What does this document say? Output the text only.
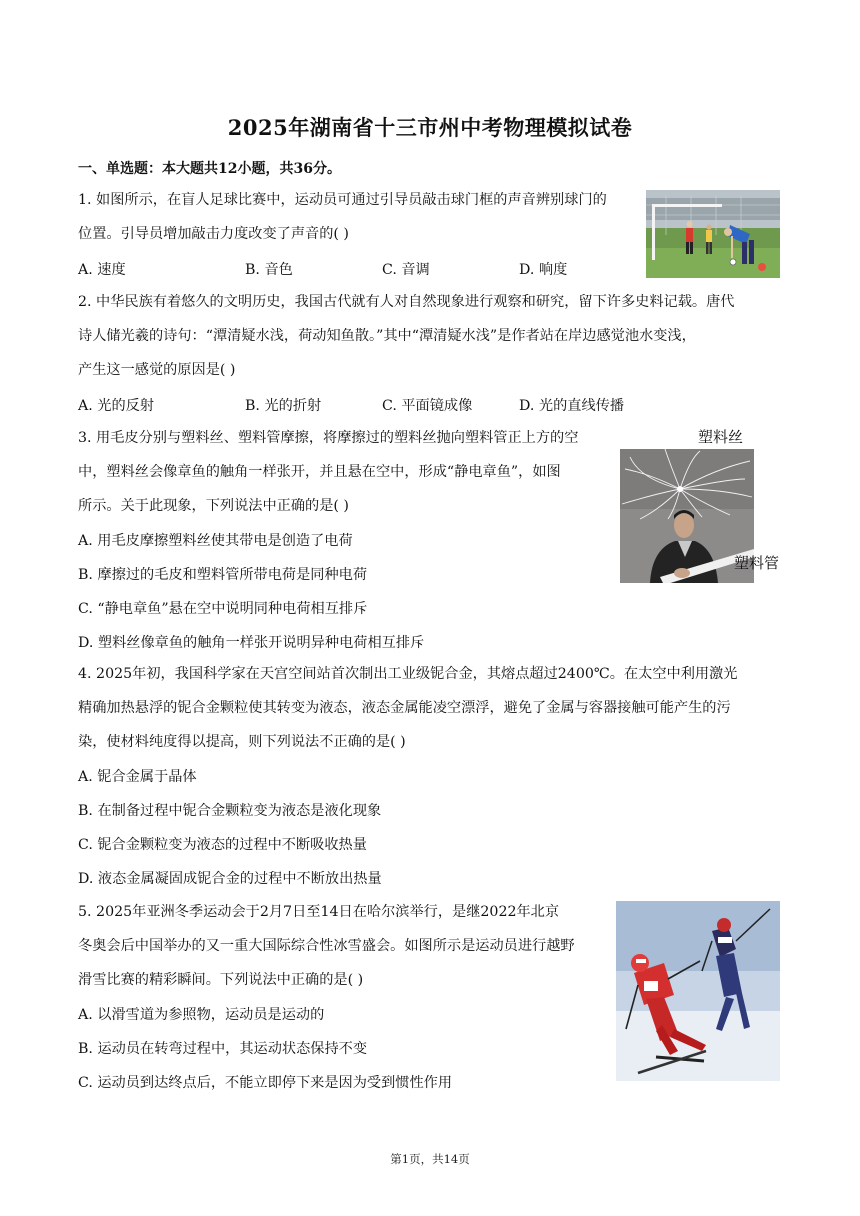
2025年湖南省十三市州中考物理模拟试卷
一、单选题：本大题共12小题，共36分。
1. 如图所示，在盲人足球比赛中，运动员可通过引导员敲击球门框的声音辨别球门的
位置。引导员增加敲击力度改变了声音的( )
A. 速度	B. 音色	C. 音调	D. 响度
2. 中华民族有着悠久的文明历史，我国古代就有人对自然现象进行观察和研究，留下许多史料记载。唐代
诗人储光羲的诗句：“潭清疑水浅，荷动知鱼散。”其中“潭清疑水浅”是作者站在岸边感觉池水变浅，
产生这一感觉的原因是( )
A. 光的反射	B. 光的折射	C. 平面镜成像	D. 光的直线传播
3. 用毛皮分别与塑料丝、塑料管摩擦，将摩擦过的塑料丝抛向塑料管正上方的空
中，塑料丝会像章鱼的触角一样张开，并且悬在空中，形成“静电章鱼”，如图
所示。关于此现象，下列说法中正确的是( )
A. 用毛皮摩擦塑料丝使其带电是创造了电荷
B. 摩擦过的毛皮和塑料管所带电荷是同种电荷
C. “静电章鱼”悬在空中说明同种电荷相互排斥
D. 塑料丝像章鱼的触角一样张开说明异种电荷相互排斥
塑料丝
塑料管
4. 2025年初，我国科学家在天宫空间站首次制出工业级铌合金，其熔点超过2400℃。在太空中利用激光
精确加热悬浮的铌合金颗粒使其转变为液态，液态金属能凌空漂浮，避免了金属与容器接触可能产生的污
染，使材料纯度得以提高，则下列说法不正确的是( )
A. 铌合金属于晶体
B. 在制备过程中铌合金颗粒变为液态是液化现象
C. 铌合金颗粒变为液态的过程中不断吸收热量
D. 液态金属凝固成铌合金的过程中不断放出热量
5. 2025年亚洲冬季运动会于2月7日至14日在哈尔滨举行，是继2022年北京
冬奥会后中国举办的又一重大国际综合性冰雪盛会。如图所示是运动员进行越野
滑雪比赛的精彩瞬间。下列说法中正确的是( )
A. 以滑雪道为参照物，运动员是运动的
B. 运动员在转弯过程中，其运动状态保持不变
C. 运动员到达终点后，不能立即停下来是因为受到惯性作用
第1页，共14页
